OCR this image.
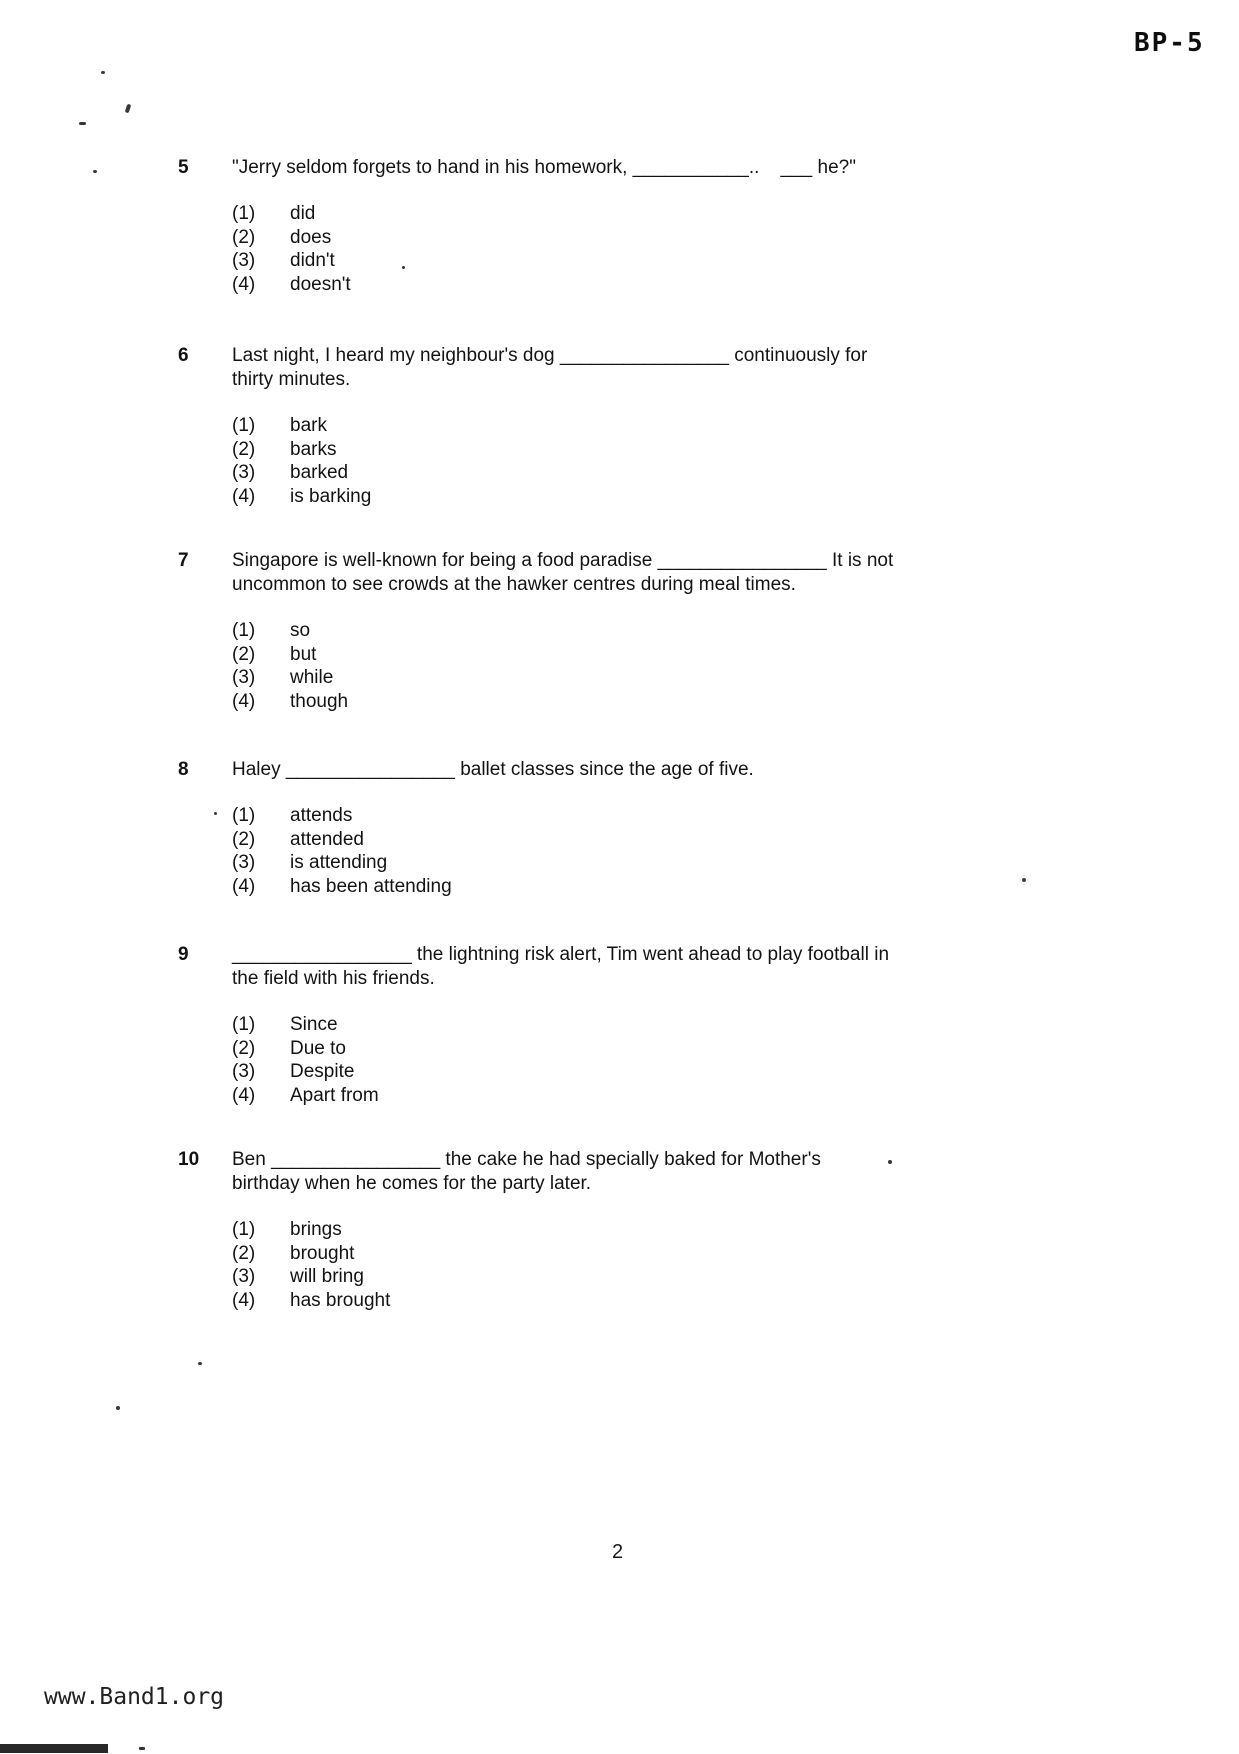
BP-5
5	"Jerry seldom forgets to hand in his homework, ___________..    ___ he?"
(1)	did
(2)	does
(3)	didn't
(4)	doesn't
6	Last night, I heard my neighbour's dog ________________ continuously for
thirty minutes.
(1)	bark
(2)	barks
(3)	barked
(4)	is barking
7	Singapore is well-known for being a food paradise ________________ It is not
uncommon to see crowds at the hawker centres during meal times.
(1)	so
(2)	but
(3)	while
(4)	though
8	Haley ________________ ballet classes since the age of five.
(1)	attends
(2)	attended
(3)	is attending
(4)	has been attending
9	_________________ the lightning risk alert, Tim went ahead to play football in
the field with his friends.
(1)	Since
(2)	Due to
(3)	Despite
(4)	Apart from
10	Ben ________________ the cake he had specially baked for Mother's
birthday when he comes for the party later.
(1)	brings
(2)	brought
(3)	will bring
(4)	has brought
2
www.Band1.org
